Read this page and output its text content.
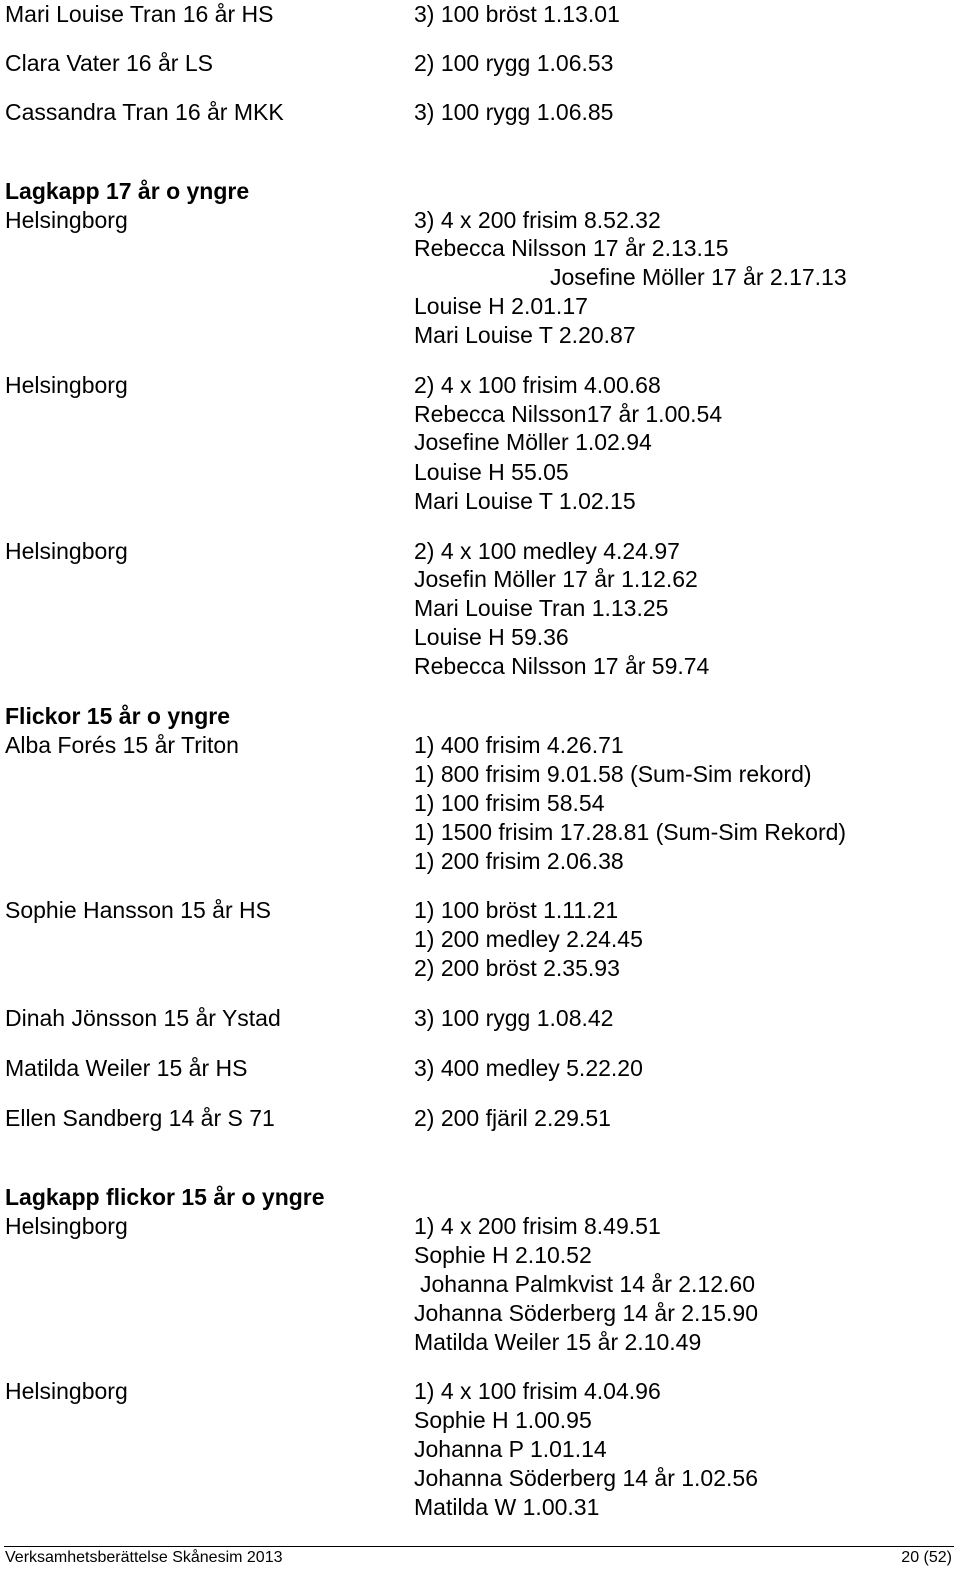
Mari Louise Tran 16 år HS	3) 100 bröst 1.13.01
Clara Vater 16 år LS	2) 100 rygg 1.06.53
Cassandra Tran 16 år MKK	3) 100 rygg 1.06.85
Lagkapp 17 år o yngre
Helsingborg	3) 4 x 200 frisim 8.52.32
Rebecca Nilsson 17 år 2.13.15
Josefine Möller 17 år 2.17.13
Louise H 2.01.17
Mari Louise T 2.20.87
Helsingborg	2) 4 x 100 frisim 4.00.68
Rebecca Nilsson17 år 1.00.54
Josefine Möller 1.02.94
Louise H 55.05
Mari Louise T 1.02.15
Helsingborg	2) 4 x 100 medley 4.24.97
Josefin Möller 17 år 1.12.62
Mari Louise Tran 1.13.25
Louise H 59.36
Rebecca Nilsson 17 år 59.74
Flickor 15 år o yngre
Alba Forés 15 år Triton	1) 400 frisim 4.26.71
1) 800 frisim 9.01.58 (Sum-Sim rekord)
1) 100 frisim 58.54
1) 1500 frisim 17.28.81 (Sum-Sim Rekord)
1) 200 frisim 2.06.38
Sophie Hansson 15 år HS	1) 100 bröst 1.11.21
1) 200 medley 2.24.45
2) 200 bröst 2.35.93
Dinah Jönsson 15 år Ystad	3) 100 rygg 1.08.42
Matilda Weiler 15 år HS	3) 400 medley 5.22.20
Ellen Sandberg 14 år S 71	2) 200 fjäril 2.29.51
Lagkapp flickor 15 år o yngre
Helsingborg	1) 4 x 200 frisim 8.49.51
Sophie H 2.10.52
Johanna Palmkvist 14 år 2.12.60
Johanna Söderberg 14 år 2.15.90
Matilda Weiler 15 år 2.10.49
Helsingborg	1) 4 x 100 frisim 4.04.96
Sophie H 1.00.95
Johanna P 1.01.14
Johanna Söderberg 14 år 1.02.56
Matilda W 1.00.31
Verksamhetsberättelse Skånesim 2013	20 (52)
